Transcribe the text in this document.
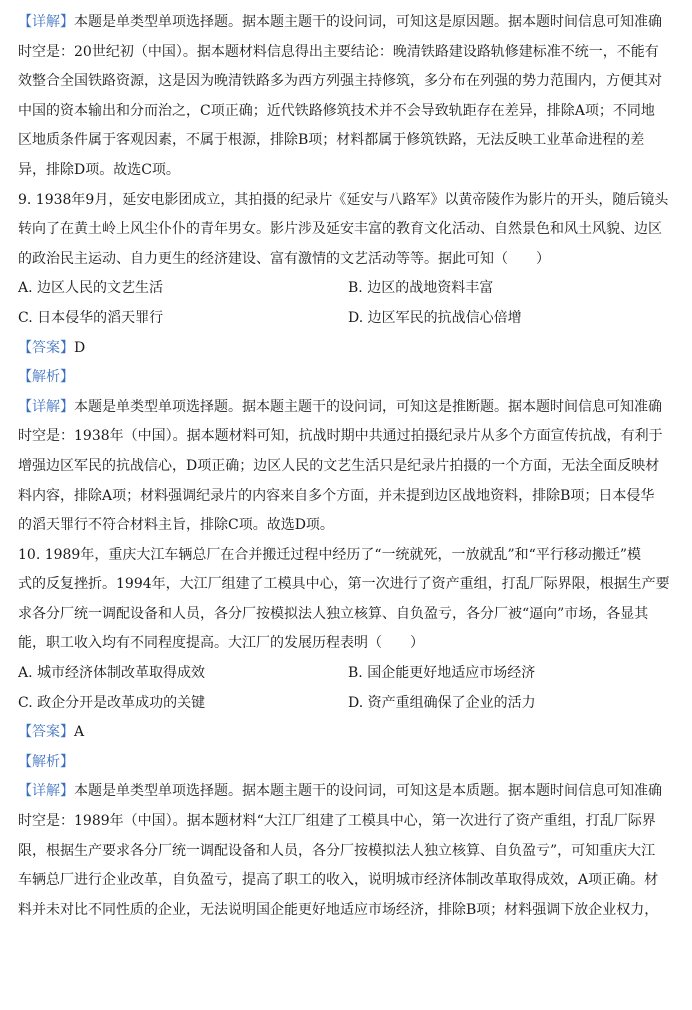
【详解】本题是单类型单项选择题。据本题主题干的设问词，可知这是原因题。据本题时间信息可知准确
时空是：20世纪初（中国）。据本题材料信息得出主要结论：晚清铁路建设路轨修建标准不统一，不能有
效整合全国铁路资源，这是因为晚清铁路多为西方列强主持修筑，多分布在列强的势力范围内，方便其对
中国的资本输出和分而治之，C项正确；近代铁路修筑技术并不会导致轨距存在差异，排除A项；不同地
区地质条件属于客观因素，不属于根源，排除B项；材料都属于修筑铁路，无法反映工业革命进程的差
异，排除D项。故选C项。
9. 1938年9月，延安电影团成立，其拍摄的纪录片《延安与八路军》以黄帝陵作为影片的开头，随后镜头
转向了在黄土岭上风尘仆仆的青年男女。影片涉及延安丰富的教育文化活动、自然景色和风土风貌、边区
的政治民主运动、自力更生的经济建设、富有激情的文艺活动等等。据此可知（　　）
A. 边区人民的文艺生活	B. 边区的战地资料丰富
C. 日本侵华的滔天罪行	D. 边区军民的抗战信心倍增
【答案】D
【解析】
【详解】本题是单类型单项选择题。据本题主题干的设问词，可知这是推断题。据本题时间信息可知准确
时空是：1938年（中国）。据本题材料可知，抗战时期中共通过拍摄纪录片从多个方面宣传抗战，有利于
增强边区军民的抗战信心，D项正确；边区人民的文艺生活只是纪录片拍摄的一个方面，无法全面反映材
料内容，排除A项；材料强调纪录片的内容来自多个方面，并未提到边区战地资料，排除B项；日本侵华
的滔天罪行不符合材料主旨，排除C项。故选D项。
10. 1989年，重庆大江车辆总厂在合并搬迁过程中经历了“一统就死，一放就乱”和“平行移动搬迁”模
式的反复挫折。1994年，大江厂组建了工模具中心，第一次进行了资产重组，打乱厂际界限，根据生产要
求各分厂统一调配设备和人员，各分厂按模拟法人独立核算、自负盈亏，各分厂被“逼向”市场，各显其
能，职工收入均有不同程度提高。大江厂的发展历程表明（　　）
A. 城市经济体制改革取得成效	B. 国企能更好地适应市场经济
C. 政企分开是改革成功的关键	D. 资产重组确保了企业的活力
【答案】A
【解析】
【详解】本题是单类型单项选择题。据本题主题干的设问词，可知这是本质题。据本题时间信息可知准确
时空是：1989年（中国）。据本题材料“大江厂组建了工模具中心，第一次进行了资产重组，打乱厂际界
限，根据生产要求各分厂统一调配设备和人员，各分厂按模拟法人独立核算、自负盈亏”，可知重庆大江
车辆总厂进行企业改革，自负盈亏，提高了职工的收入，说明城市经济体制改革取得成效，A项正确。材
料并未对比不同性质的企业，无法说明国企能更好地适应市场经济，排除B项；材料强调下放企业权力，
